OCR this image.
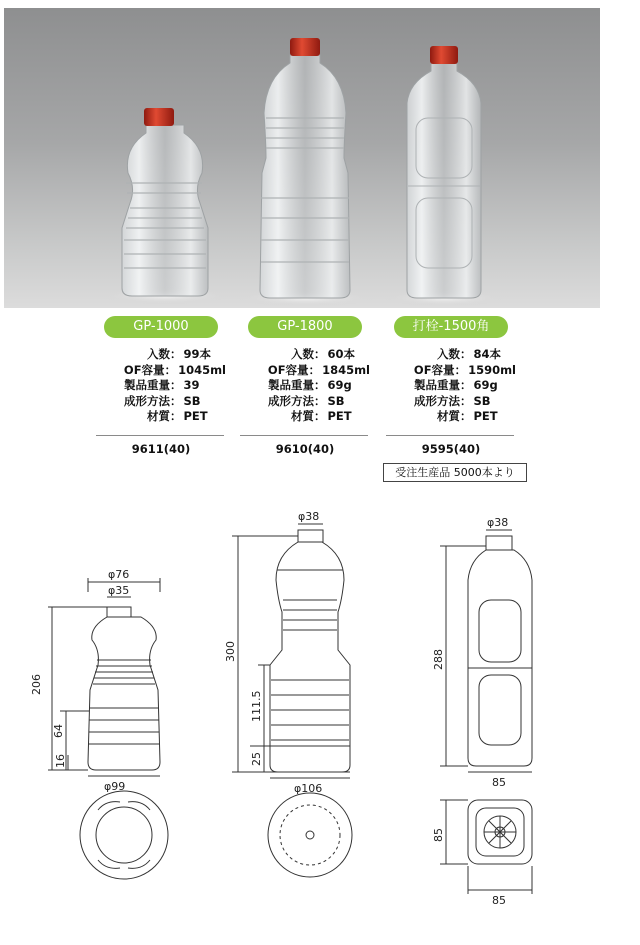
GP-1000
入数 ： 99本
OF容量 ： 1045ml
製品重量 ： 39
成形方法 ： SB
材質 ： PET
9611(40)
GP-1800
入数 ： 60本
OF容量 ： 1845ml
製品重量 ： 69g
成形方法 ： SB
材質 ： PET
9610(40)
打栓-1500角
入数 ： 84本
OF容量 ： 1590ml
製品重量 ： 69g
成形方法 ： SB
材質 ： PET
9595(40)
受注生産品 5000本より
φ76
φ35
206
64
16
φ99
φ38
300
111.5
25
φ106
φ38
288
85
85
85
